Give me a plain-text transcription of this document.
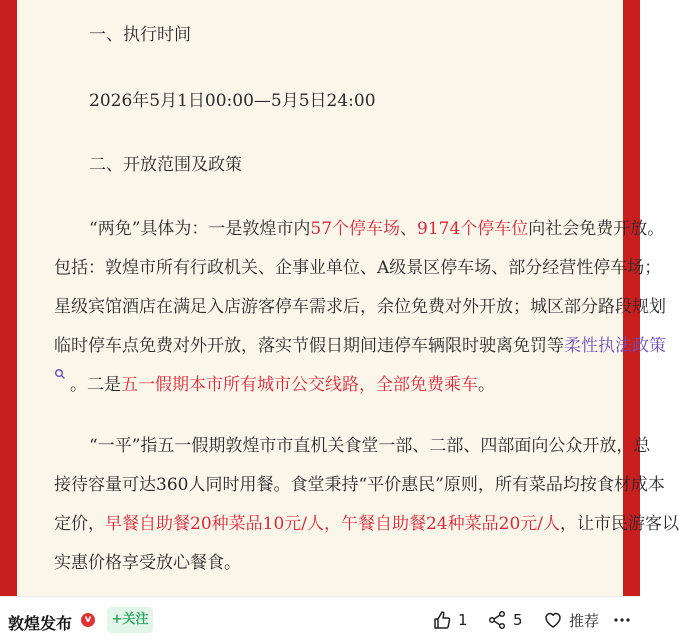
一、执行时间
2026年5月1日00:00—5月5日24:00
二、开放范围及政策
“两免”具体为：一是敦煌市内57个停车场、9174个停车位向社会免费开放。
包括：敦煌市所有行政机关、企事业单位、A级景区停车场、部分经营性停车场；
星级宾馆酒店在满足入店游客停车需求后，余位免费对外开放；城区部分路段规划
临时停车点免费对外开放，落实节假日期间违停车辆限时驶离免罚等柔性执法政策
。二是五一假期本市所有城市公交线路，全部免费乘车。
“一平”指五一假期敦煌市市直机关食堂一部、二部、四部面向公众开放，总
接待容量可达360人同时用餐。食堂秉持“平价惠民”原则，所有菜品均按食材成本
定价，早餐自助餐20种菜品10元/人，午餐自助餐24种菜品20元/人，让市民游客以
实惠价格享受放心餐食。
敦煌发布	v	+关注	1	5	推荐
